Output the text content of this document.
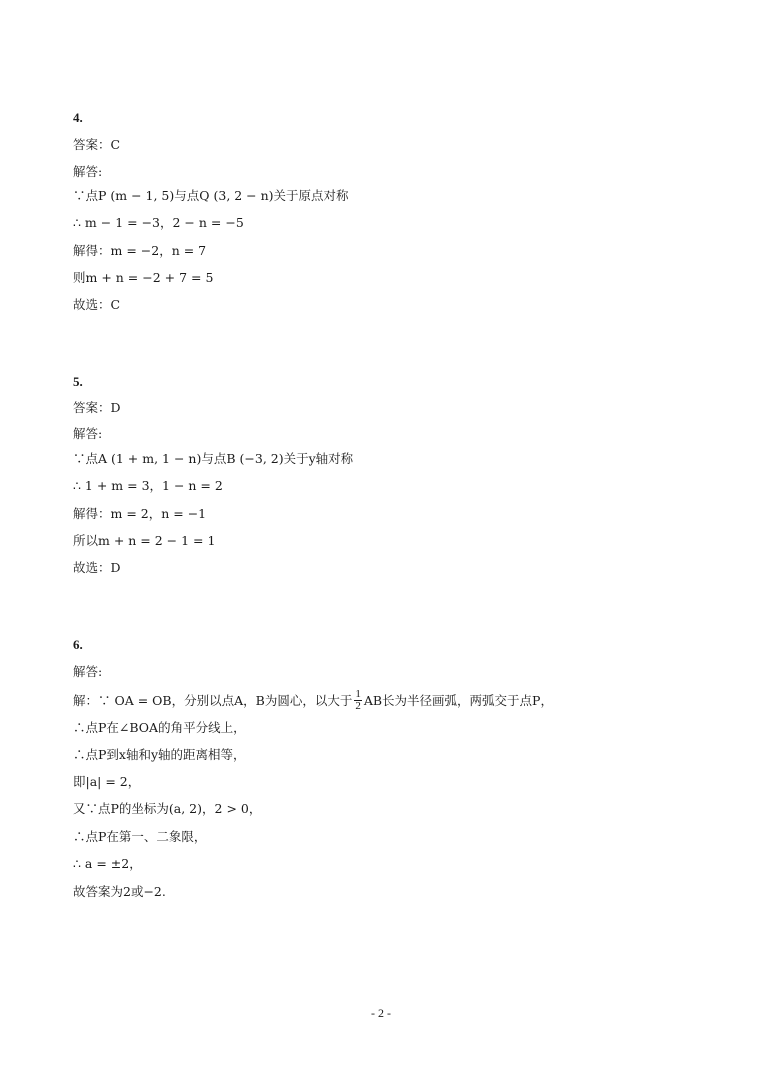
4.
答案：C
解答:
∵点P (m − 1, 5)与点Q (3, 2 − n)关于原点对称
∴ m − 1 = −3，2 − n = −5
解得：m = −2，n = 7
则m + n = −2 + 7 = 5
故选：C
5.
答案：D
解答:
∵点A (1 + m, 1 − n)与点B (−3, 2)关于y轴对称
∴ 1 + m = 3，1 − n = 2
解得：m = 2，n = −1
所以m + n = 2 − 1 = 1
故选：D
6.
解答:
解：∵ OA = OB，分别以点A，B为圆心，以大于 $\frac{1}{2}$ AB长为半径画弧，两弧交于点P，
∴点P在∠BOA的角平分线上，
∴点P到x轴和y轴的距离相等，
即|a| = 2，
又∵点P的坐标为(a, 2)，2 > 0，
∴点P在第一、二象限，
∴ a = ±2，
故答案为2或−2.
- 2 -
